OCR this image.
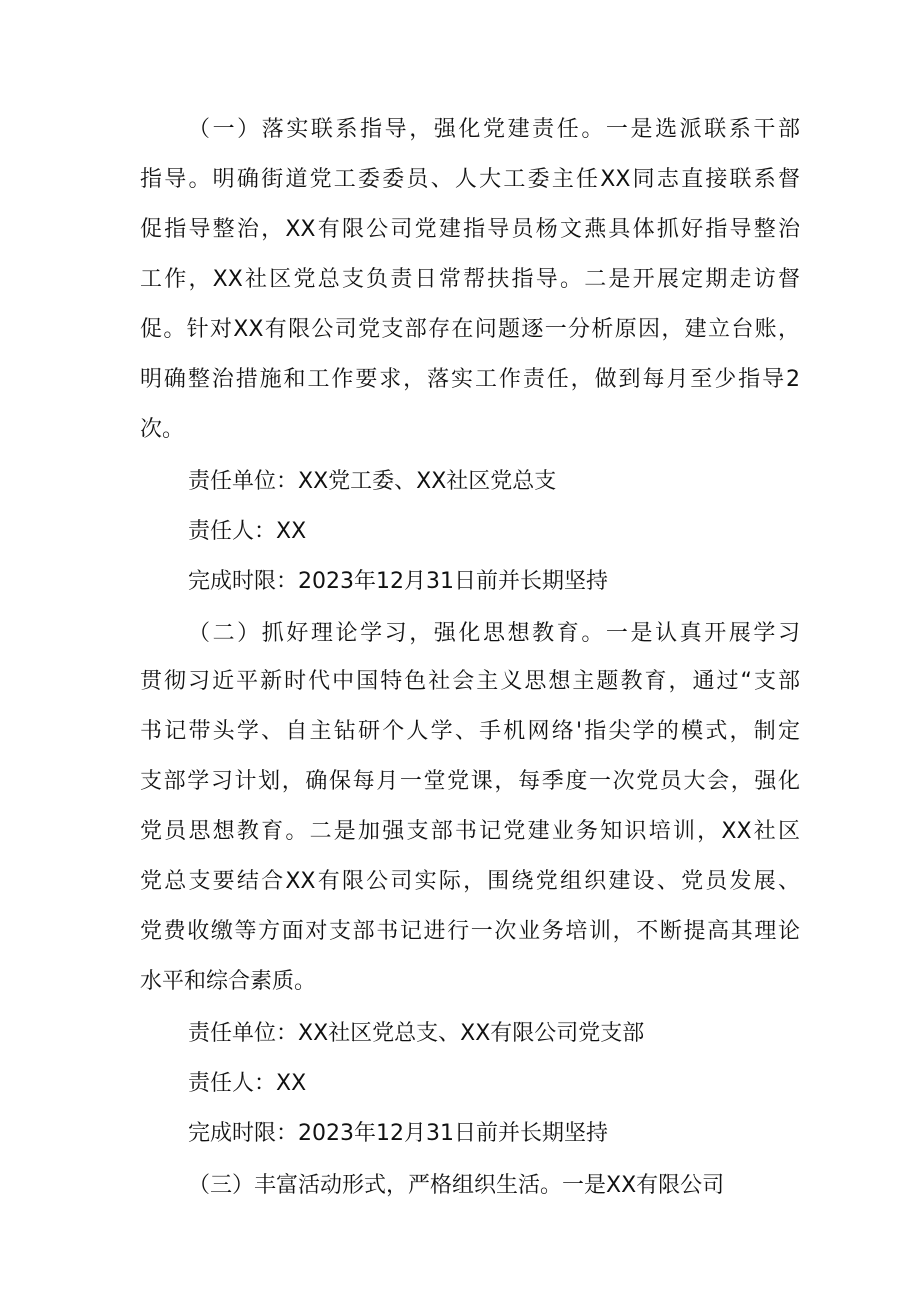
（一）落实联系指导，强化党建责任。一是选派联系干部
指导。明确街道党工委委员、人大工委主任XX同志直接联系督
促指导整治，XX有限公司党建指导员杨文燕具体抓好指导整治
工作，XX社区党总支负责日常帮扶指导。二是开展定期走访督
促。针对XX有限公司党支部存在问题逐一分析原因，建立台账，
明确整治措施和工作要求，落实工作责任，做到每月至少指导2
次。
责任单位：XX党工委、XX社区党总支
责任人：XX
完成时限：2023年12月31日前并长期坚持
（二）抓好理论学习，强化思想教育。一是认真开展学习
贯彻习近平新时代中国特色社会主义思想主题教育，通过“支部
书记带头学、自主钻研个人学、手机网络'指尖学的模式，制定
支部学习计划，确保每月一堂党课，每季度一次党员大会，强化
党员思想教育。二是加强支部书记党建业务知识培训，XX社区
党总支要结合XX有限公司实际，围绕党组织建设、党员发展、
党费收缴等方面对支部书记进行一次业务培训，不断提高其理论
水平和综合素质。
责任单位：XX社区党总支、XX有限公司党支部
责任人：XX
完成时限：2023年12月31日前并长期坚持
（三）丰富活动形式，严格组织生活。一是XX有限公司
